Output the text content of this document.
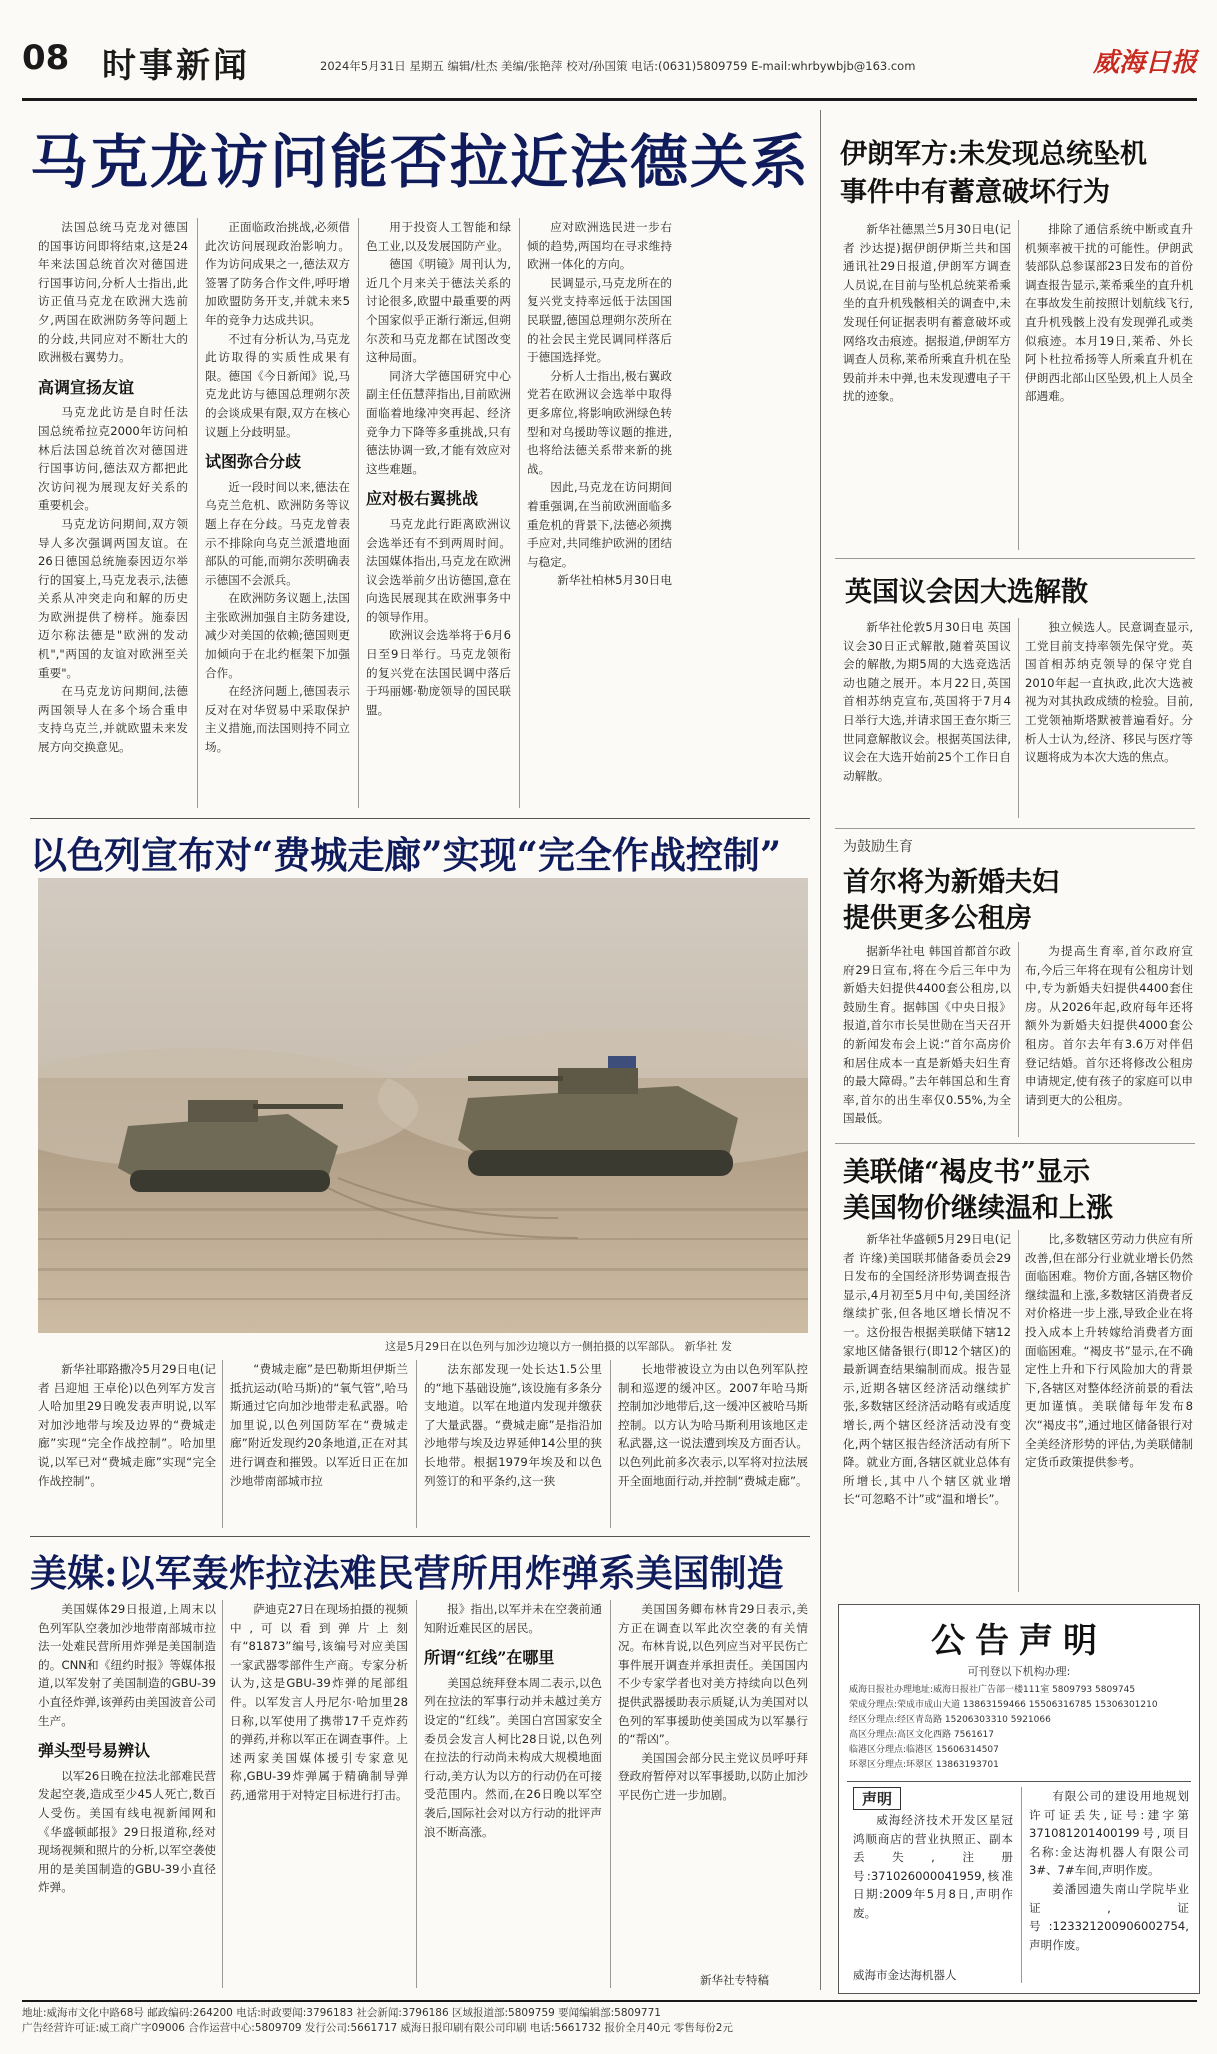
08 时事新闻	2024年5月31日 星期五 编辑/杜杰 美编/张艳萍 校对/孙国策 电话:(0631)5809759 E-mail:whrbywbjb@163.com	威海日报
马克龙访问能否拉近法德关系

法国总统马克龙对德国的国事访问即将结束,这是24年来法国总统首次对德国进行国事访问,分析人士指出,此访正值马克龙在欧洲大选前夕,两国在欧洲防务等问题上的分歧,共同应对不断壮大的欧洲极右翼势力。

高调宣扬友谊

马克龙此访是自时任法国总统希拉克2000年访问柏林后法国总统首次对德国进行国事访问,德法双方都把此次访问视为展现友好关系的重要机会。

马克龙访问期间,双方领导人多次强调两国友谊。在26日德国总统施泰因迈尔举行的国宴上,马克龙表示,法德关系从冲突走向和解的历史为欧洲提供了榜样。施泰因迈尔称法德是"欧洲的发动机","两国的友谊对欧洲至关重要"。

在马克龙访问期间,法德两国领导人在多个场合重申支持乌克兰,并就欧盟未来发展方向交换意见。

正面临政治挑战,必须借此次访问展现政治影响力。作为访问成果之一,德法双方签署了防务合作文件,呼吁增加欧盟防务开支,并就未来5年的竞争力达成共识。

不过有分析认为,马克龙此访取得的实质性成果有限。德国《今日新闻》说,马克龙此访与德国总理朔尔茨的会谈成果有限,双方在核心议题上分歧明显。

试图弥合分歧

近一段时间以来,德法在乌克兰危机、欧洲防务等议题上存在分歧。马克龙曾表示不排除向乌克兰派遣地面部队的可能,而朔尔茨明确表示德国不会派兵。

在欧洲防务议题上,法国主张欧洲加强自主防务建设,减少对美国的依赖;德国则更加倾向于在北约框架下加强合作。

在经济问题上,德国表示反对在对华贸易中采取保护主义措施,而法国则持不同立场。

用于投资人工智能和绿色工业,以及发展国防产业。

德国《明镜》周刊认为,近几个月来关于德法关系的讨论很多,欧盟中最重要的两个国家似乎正渐行渐远,但朔尔茨和马克龙都在试图改变这种局面。

同济大学德国研究中心副主任伍慧萍指出,目前欧洲面临着地缘冲突再起、经济竞争力下降等多重挑战,只有德法协调一致,才能有效应对这些难题。

应对极右翼挑战

马克龙此行距离欧洲议会选举还有不到两周时间。法国媒体指出,马克龙在欧洲议会选举前夕出访德国,意在向选民展现其在欧洲事务中的领导作用。

欧洲议会选举将于6月6日至9日举行。马克龙领衔的复兴党在法国民调中落后于玛丽娜·勒庞领导的国民联盟。

应对欧洲选民进一步右倾的趋势,两国均在寻求维持欧洲一体化的方向。

民调显示,马克龙所在的复兴党支持率远低于法国国民联盟,德国总理朔尔茨所在的社会民主党民调同样落后于德国选择党。

分析人士指出,极右翼政党若在欧洲议会选举中取得更多席位,将影响欧洲绿色转型和对乌援助等议题的推进,也将给法德关系带来新的挑战。

因此,马克龙在访问期间着重强调,在当前欧洲面临多重危机的背景下,法德必须携手应对,共同维护欧洲的团结与稳定。

新华社柏林5月30日电

伊朗军方:未发现总统坠机
事件中有蓄意破坏行为

新华社德黑兰5月30日电(记者 沙达提)据伊朗伊斯兰共和国通讯社29日报道,伊朗军方调查人员说,在目前与坠机总统莱希乘坐的直升机残骸相关的调查中,未发现任何证据表明有蓄意破坏或网络攻击痕迹。据报道,伊朗军方调查人员称,莱希所乘直升机在坠毁前并未中弹,也未发现遭电子干扰的迹象。

排除了通信系统中断或直升机频率被干扰的可能性。伊朗武装部队总参谋部23日发布的首份调查报告显示,莱希乘坐的直升机在事故发生前按照计划航线飞行,直升机残骸上没有发现弹孔或类似痕迹。本月19日,莱希、外长阿卜杜拉希扬等人所乘直升机在伊朗西北部山区坠毁,机上人员全部遇难。

英国议会因大选解散

新华社伦敦5月30日电 英国议会30日正式解散,随着英国议会的解散,为期5周的大选竞选活动也随之展开。本月22日,英国首相苏纳克宣布,英国将于7月4日举行大选,并请求国王查尔斯三世同意解散议会。根据英国法律,议会在大选开始前25个工作日自动解散。

独立候选人。民意调查显示,工党目前支持率领先保守党。英国首相苏纳克领导的保守党自2010年起一直执政,此次大选被视为对其执政成绩的检验。目前,工党领袖斯塔默被普遍看好。分析人士认为,经济、移民与医疗等议题将成为本次大选的焦点。

为鼓励生育
首尔将为新婚夫妇
提供更多公租房

据新华社电 韩国首都首尔政府29日宣布,将在今后三年中为新婚夫妇提供4400套公租房,以鼓励生育。据韩国《中央日报》报道,首尔市长吴世勋在当天召开的新闻发布会上说:“首尔高房价和居住成本一直是新婚夫妇生育的最大障碍。”去年韩国总和生育率,首尔的出生率仅0.55%,为全国最低。

为提高生育率,首尔政府宣布,今后三年将在现有公租房计划中,专为新婚夫妇提供4400套住房。从2026年起,政府每年还将额外为新婚夫妇提供4000套公租房。首尔去年有3.6万对伴侣登记结婚。首尔还将修改公租房申请规定,使有孩子的家庭可以申请到更大的公租房。

美联储“褐皮书”显示
美国物价继续温和上涨

新华社华盛顿5月29日电(记者 许缘)美国联邦储备委员会29日发布的全国经济形势调查报告显示,4月初至5月中旬,美国经济继续扩张,但各地区增长情况不一。这份报告根据美联储下辖12家地区储备银行(即12个辖区)的最新调查结果编制而成。报告显示,近期各辖区经济活动继续扩张,多数辖区经济活动略有或适度增长,两个辖区经济活动没有变化,两个辖区报告经济活动有所下降。就业方面,各辖区就业总体有所增长,其中八个辖区就业增长“可忽略不计”或“温和增长”。

比,多数辖区劳动力供应有所改善,但在部分行业就业增长仍然面临困难。物价方面,各辖区物价继续温和上涨,多数辖区消费者反对价格进一步上涨,导致企业在将投入成本上升转嫁给消费者方面面临困难。“褐皮书”显示,在不确定性上升和下行风险加大的背景下,各辖区对整体经济前景的看法更加谨慎。美联储每年发布8次“褐皮书”,通过地区储备银行对全美经济形势的评估,为美联储制定货币政策提供参考。

公告声明
可刊登以下机构办理:
威海日报社办理地址:威海日报社广告部一楼111室 5809793 5809745
荣成分理点:荣成市成山大道 13863159466 15506316785 15306301210
经区分理点:经区青岛路 15206303310 5921066
高区分理点:高区文化西路 7561617
临港区分理点:临港区 15606314507
环翠区分理点:环翠区 13863193701
声明

威海经济技术开发区星冠鸿顺商店的营业执照正、副本丢失,注册号:371026000041959,核准日期:2009年5月8日,声明作废。

威海市金达海机器人

有限公司的建设用地规划许可证丢失,证号:建字第371081201400199号,项目名称:金达海机器人有限公司3#、7#车间,声明作废。

姜潘园遗失南山学院毕业证,证号:123321200906002754,声明作废。

以色列宣布对“费城走廊”实现“完全作战控制”
这是5月29日在以色列与加沙边境以方一侧拍摄的以军部队。 新华社 发

新华社耶路撒冷5月29日电(记者 吕迎旭 王卓伦)以色列军方发言人哈加里29日晚发表声明说,以军对加沙地带与埃及边界的“费城走廊”实现“完全作战控制”。哈加里说,以军已对“费城走廊”实现“完全作战控制”。

“费城走廊”是巴勒斯坦伊斯兰抵抗运动(哈马斯)的“氧气管”,哈马斯通过它向加沙地带走私武器。哈加里说,以色列国防军在“费城走廊”附近发现约20条地道,正在对其进行调查和摧毁。以军近日正在加沙地带南部城市拉

法东部发现一处长达1.5公里的“地下基础设施”,该设施有多条分支地道。以军在地道内发现并缴获了大量武器。“费城走廊”是指沿加沙地带与埃及边界延伸14公里的狭长地带。根据1979年埃及和以色列签订的和平条约,这一狭

长地带被设立为由以色列军队控制和巡逻的缓冲区。2007年哈马斯控制加沙地带后,这一缓冲区被哈马斯控制。以方认为哈马斯利用该地区走私武器,这一说法遭到埃及方面否认。以色列此前多次表示,以军将对拉法展开全面地面行动,并控制“费城走廊”。

美媒:以军轰炸拉法难民营所用炸弹系美国制造

美国媒体29日报道,上周末以色列军队空袭加沙地带南部城市拉法一处难民营所用炸弹是美国制造的。CNN和《纽约时报》等媒体报道,以军发射了美国制造的GBU-39小直径炸弹,该弹药由美国波音公司生产。

弹头型号易辨认

以军26日晚在拉法北部难民营发起空袭,造成至少45人死亡,数百人受伤。美国有线电视新闻网和《华盛顿邮报》29日报道称,经对现场视频和照片的分析,以军空袭使用的是美国制造的GBU-39小直径炸弹。

萨迪克27日在现场拍摄的视频中,可以看到弹片上刻有“81873”编号,该编号对应美国一家武器零部件生产商。专家分析认为,这是GBU-39炸弹的尾部组件。以军发言人丹尼尔·哈加里28日称,以军使用了携带17千克炸药的弹药,并称以军正在调查事件。上述两家美国媒体援引专家意见称,GBU-39炸弹属于精确制导弹药,通常用于对特定目标进行打击。

报》指出,以军并未在空袭前通知附近难民区的居民。

所谓“红线”在哪里

美国总统拜登本周二表示,以色列在拉法的军事行动并未越过美方设定的“红线”。美国白宫国家安全委员会发言人柯比28日说,以色列在拉法的行动尚未构成大规模地面行动,美方认为以方的行动仍在可接受范围内。然而,在26日晚以军空袭后,国际社会对以方行动的批评声浪不断高涨。

美国国务卿布林肯29日表示,美方正在调查以军此次空袭的有关情况。布林肯说,以色列应当对平民伤亡事件展开调查并承担责任。美国国内不少专家学者也对美方持续向以色列提供武器援助表示质疑,认为美国对以色列的军事援助使美国成为以军暴行的“帮凶”。

美国国会部分民主党议员呼吁拜登政府暂停对以军事援助,以防止加沙平民伤亡进一步加剧。

新华社专特稿
地址:威海市文化中路68号 邮政编码:264200 电话:时政要闻:3796183 社会新闻:3796186 区域报道部:5809759 要闻编辑部:5809771
广告经营许可证:威工商广字09006 合作运营中心:5809709 发行公司:5661717 威海日报印刷有限公司印刷 电话:5661732 报价全月40元 零售每份2元
